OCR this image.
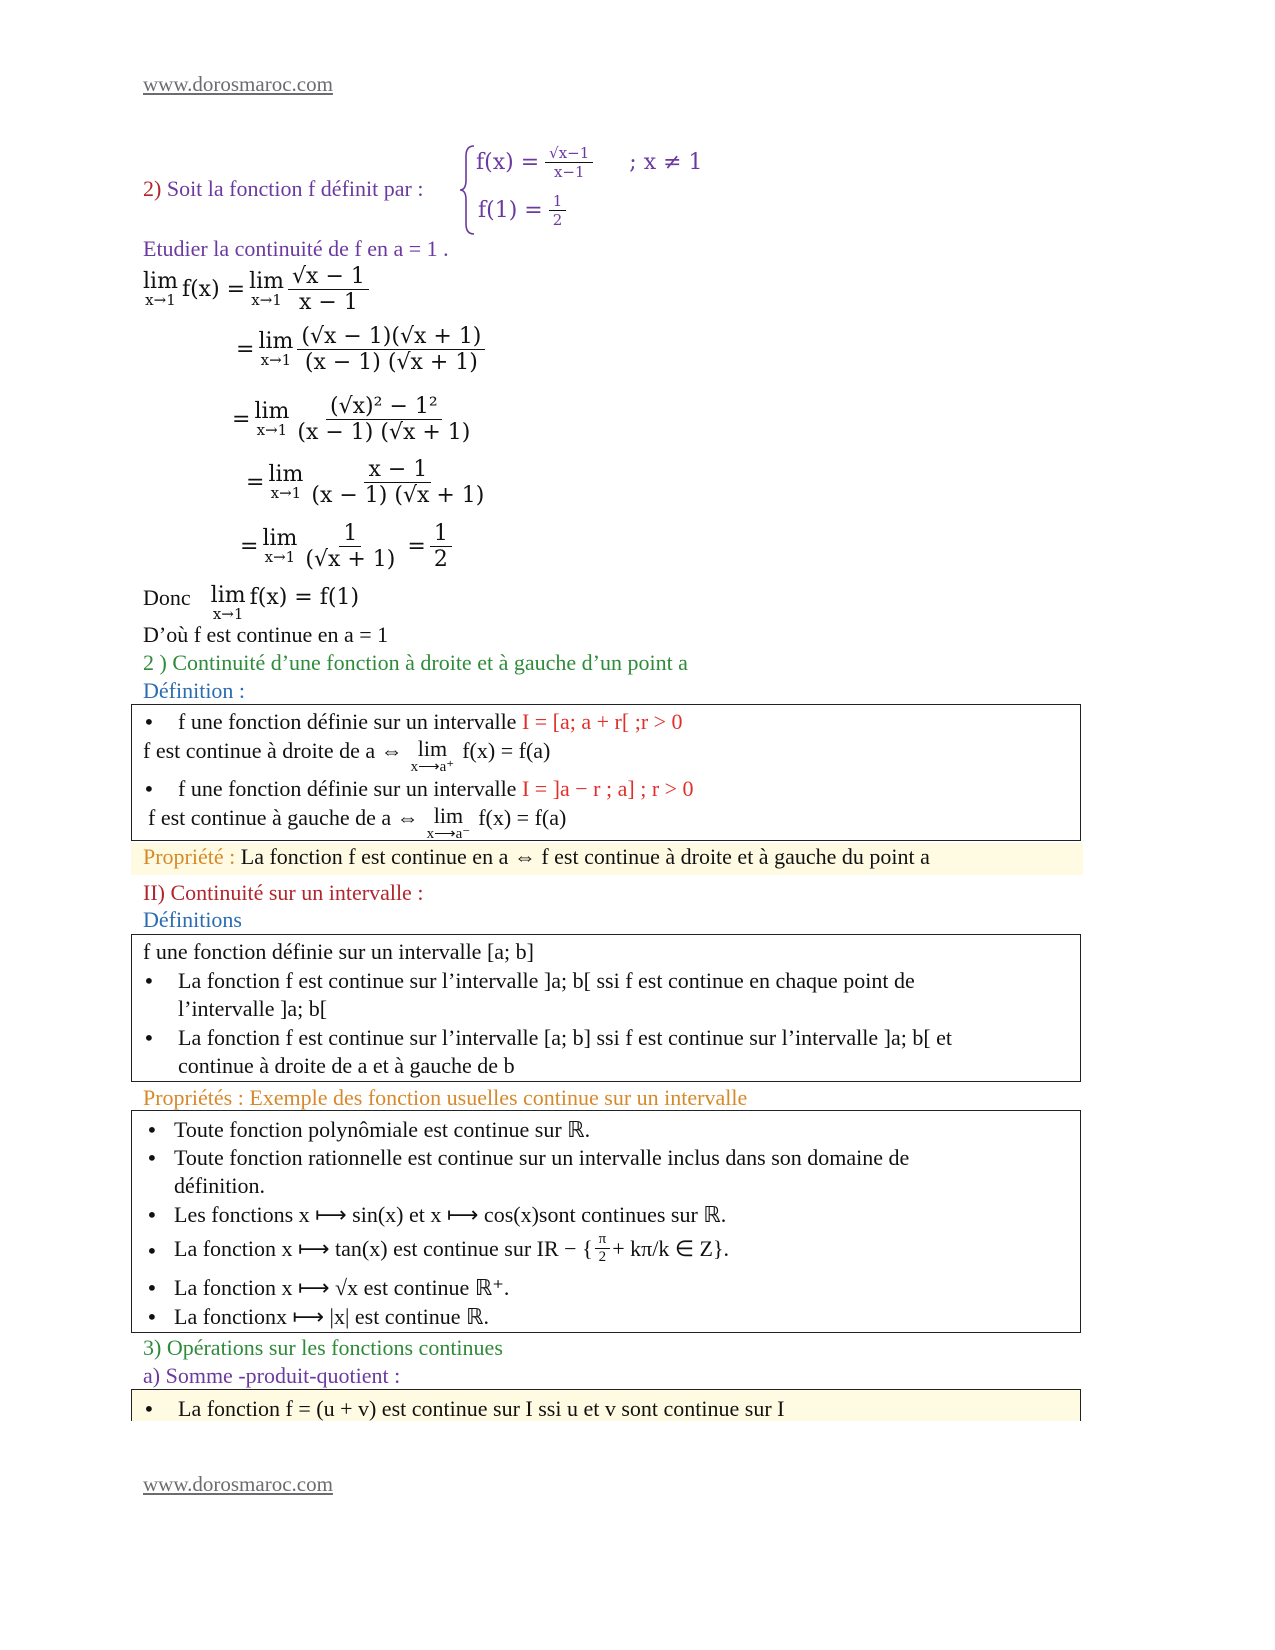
www.dorosmaroc.com
2) Soit la fonction f définit par :
$f(x) = \frac{√x-1}{x-1}$ ; x ≠ 1
$f(1) = \frac{1}{2}$
Etudier la continuité de f en a = 1 .
lim
x→1 f(x) = lim
$x\to 1 \frac{√x - 1}{x - 1}$
= lim
$x\to 1 \frac{(√x - 1)(√x + 1)}{(x - 1) (√x + 1)}$
= lim
$x\to 1 \frac{\text{(√x)² − 1²}}{(x - 1) (√x + 1)}$
= lim
$x\to 1 \frac{x - 1}{(x - 1) (√x + 1)}$
= lim
$x\to 1 \frac{1}{(√x + 1)} = \frac{1}{2}$
Donc lim
x→1
f(x) = f(1)
D’où f est continue en a = 1
2 ) Continuité d’une fonction à droite et à gauche d’un point a
Définition :
• f une fonction définie sur un intervalle I = [a; a + r[ ;r > 0
f est continue à droite de a ⇔ lim
x⟶a⁺
f(x) = f(a)
• f une fonction définie sur un intervalle I = ]a − r ; a] ; r > 0
f est continue à gauche de a ⇔ lim
x⟶a⁻
f(x) = f(a)
Propriété : La fonction f est continue en a ⇔ f est continue à droite et à gauche du point a
II) Continuité sur un intervalle :
Définitions
f une fonction définie sur un intervalle [a; b]
• La fonction f est continue sur l’intervalle ]a; b[ ssi f est continue en chaque point de
l’intervalle ]a; b[
• La fonction f est continue sur l’intervalle [a; b] ssi f est continue sur l’intervalle ]a; b[ et
continue à droite de a et à gauche de b
Propriétés : Exemple des fonction usuelles continue sur un intervalle
• Toute fonction polynômiale est continue sur ℝ.
• Toute fonction rationnelle est continue sur un intervalle inclus dans son domaine de
définition.
• Les fonctions x ⟼ sin(x) et x ⟼ cos(x)sont continues sur ℝ.
• La fonction x ⟼ tan(x) est continue sur IR − { $\frac{\pi}{2} + k\pi/k$ ∈ Z}.
• La fonction x ⟼ √x est continue ℝ⁺.
• La fonctionx ⟼ |x| est continue ℝ.
3) Opérations sur les fonctions continues
a) Somme -produit-quotient :
• La fonction f = (u + v) est continue sur I ssi u et v sont continue sur I
www.dorosmaroc.com
